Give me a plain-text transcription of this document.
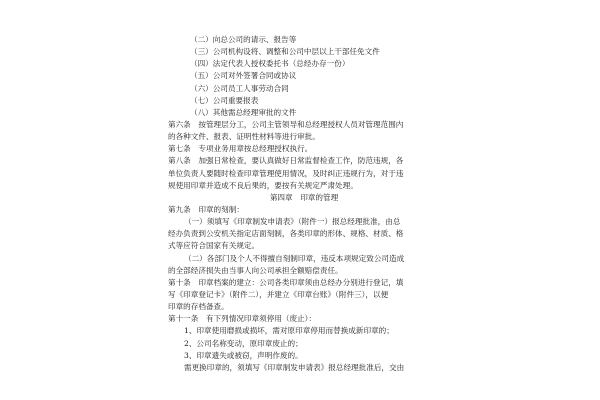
（二）向总公司的请示、报告等
（三）公司机构设将、调整和公司中层以上干部任免文件
（四）法定代表人授权委托书（总经办存一份）
（五）公司对外签署合同或协议
（六）公司员工人事劳动合同
（七）公司重要报表
（八）其他需总经理审批的文件
第六条　按管理层分工，公司主管领导和总经理授权人员对管理范围内
的各种文件、报表、证明性材料等进行审批。
第七条　专项业务用章按总经理授权执行。
第八条　加强日常检查，要认真做好日常监督检查工作，防范违规，各
单位负责人要随时检查印章管理使用情况，及时纠正违规行为，对于违
规使用印章并造成不良后果的，要按有关规定严肃处理。
第四章　印章的管理
第九条　印章的刻制：
（一）须填写《印章制发申请表》（附件一）报总经理批准，由总
经办负责到公安机关指定店面刻制，各类印章的形体、规格、材质、格
式等应符合国家有关规定。
（二）各部门及个人不得擅自刻制印章，违反本项规定致公司造成
的全部经济损失由当事人向公司承担全额赔偿责任。
第十条　印章档案的建立：公司各类印章须由总经办分别进行登记，填
写《印章登记卡》（附件二），并建立《印章台账》（附件三），以便
印章的存档备查。
第十一条　有下列情况印章须停用（废止）：
1、印章使用磨损或损坏，需对原印章停用而替换成新印章的；
2、公司名称变动，原印章废止的；
3、印章遗失或被窃，声明作废的。
需更换印章的，须填写《印章制发申请表》报总经理批准后，交由
